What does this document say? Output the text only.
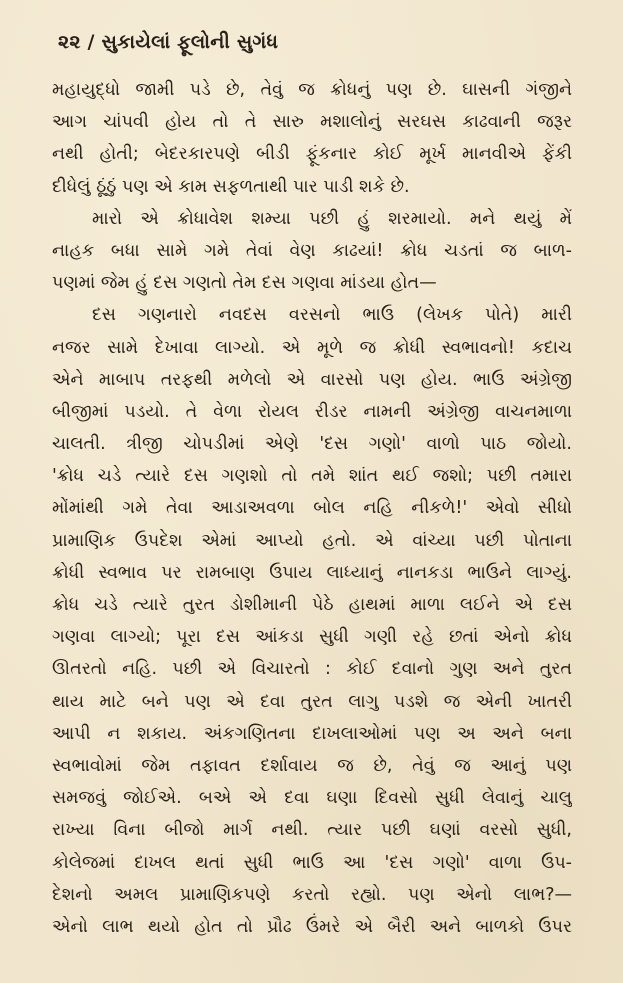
૨૨ / સુકાયેલાં ફૂલોની સુગંધ
મહાયુદ્ધો જામી પડે છે, તેવું જ ક્રોધનું પણ છે. ઘાસની ગંજીને
આગ ચાંપવી હોય તો તે સારુ મશાલોનું સરઘસ કાઢવાની જરૂર
નથી હોતી; બેદરકારપણે બીડી ફૂંકનાર કોઈ મૂર્ખ માનવીએ ફેંકી
દીધેલું ઠૂંઠું પણ એ કામ સફળતાથી પાર પાડી શકે છે.
મારો એ ક્રોધાવેશ શમ્યા પછી હું શરમાયો. મને થયું મેં
નાહક બધા સામે ગમે તેવાં વેણ કાઢયાં! ક્રોધ ચડતાં જ બાળ-
પણમાં જેમ હું દસ ગણતો તેમ દસ ગણવા માંડયા હોત—
દસ ગણનારો નવદસ વરસનો ભાઉ (લેખક પોતે) મારી
નજર સામે દેખાવા લાગ્યો. એ મૂળે જ ક્રોધી સ્વભાવનો! કદાચ
એને માબાપ તરફથી મળેલો એ વારસો પણ હોય. ભાઉ અંગ્રેજી
બીજીમાં પડયો. તે વેળા રોયલ રીડર નામની અંગ્રેજી વાચનમાળા
ચાલતી. ત્રીજી ચોપડીમાં એણે 'દસ ગણો' વાળો પાઠ જોયો.
'ક્રોધ ચડે ત્યારે દસ ગણશો તો તમે શાંત થઈ જશો; પછી તમારા
મોંમાંથી ગમે તેવા આડાઅવળા બોલ નહિ નીકળે!' એવો સીધો
પ્રામાણિક ઉપદેશ એમાં આપ્યો હતો. એ વાંચ્યા પછી પોતાના
ક્રોધી સ્વભાવ પર રામબાણ ઉપાય લાધ્યાનું નાનકડા ભાઉને લાગ્યું.
ક્રોધ ચડે ત્યારે તુરત ડોશીમાની પેઠે હાથમાં માળા લઈને એ દસ
ગણવા લાગ્યો; પૂરા દસ આંકડા સુધી ગણી રહે છતાં એનો ક્રોધ
ઊતરતો નહિ. પછી એ વિચારતો : કોઈ દવાનો ગુણ અને તુરત
થાય માટે બને પણ એ દવા તુરત લાગુ પડશે જ એની ખાતરી
આપી ન શકાય. અંકગણિતના દાખલાઓમાં પણ અ અને બના
સ્વભાવોમાં જેમ તફાવત દર્શાવાય જ છે, તેવું જ આનું પણ
સમજવું જોઈએ. બએ એ દવા ઘણા દિવસો સુધી લેવાનું ચાલુ
રાખ્યા વિના બીજો માર્ગ નથી. ત્યાર પછી ઘણાં વરસો સુધી,
કોલેજમાં દાખલ થતાં સુધી ભાઉ આ 'દસ ગણો' વાળા ઉપ-
દેશનો અમલ પ્રામાણિકપણે કરતો રહ્યો. પણ એનો લાભ?—
એનો લાભ થયો હોત તો પ્રૌઢ ઉંમરે એ બૈરી અને બાળકો ઉપર
